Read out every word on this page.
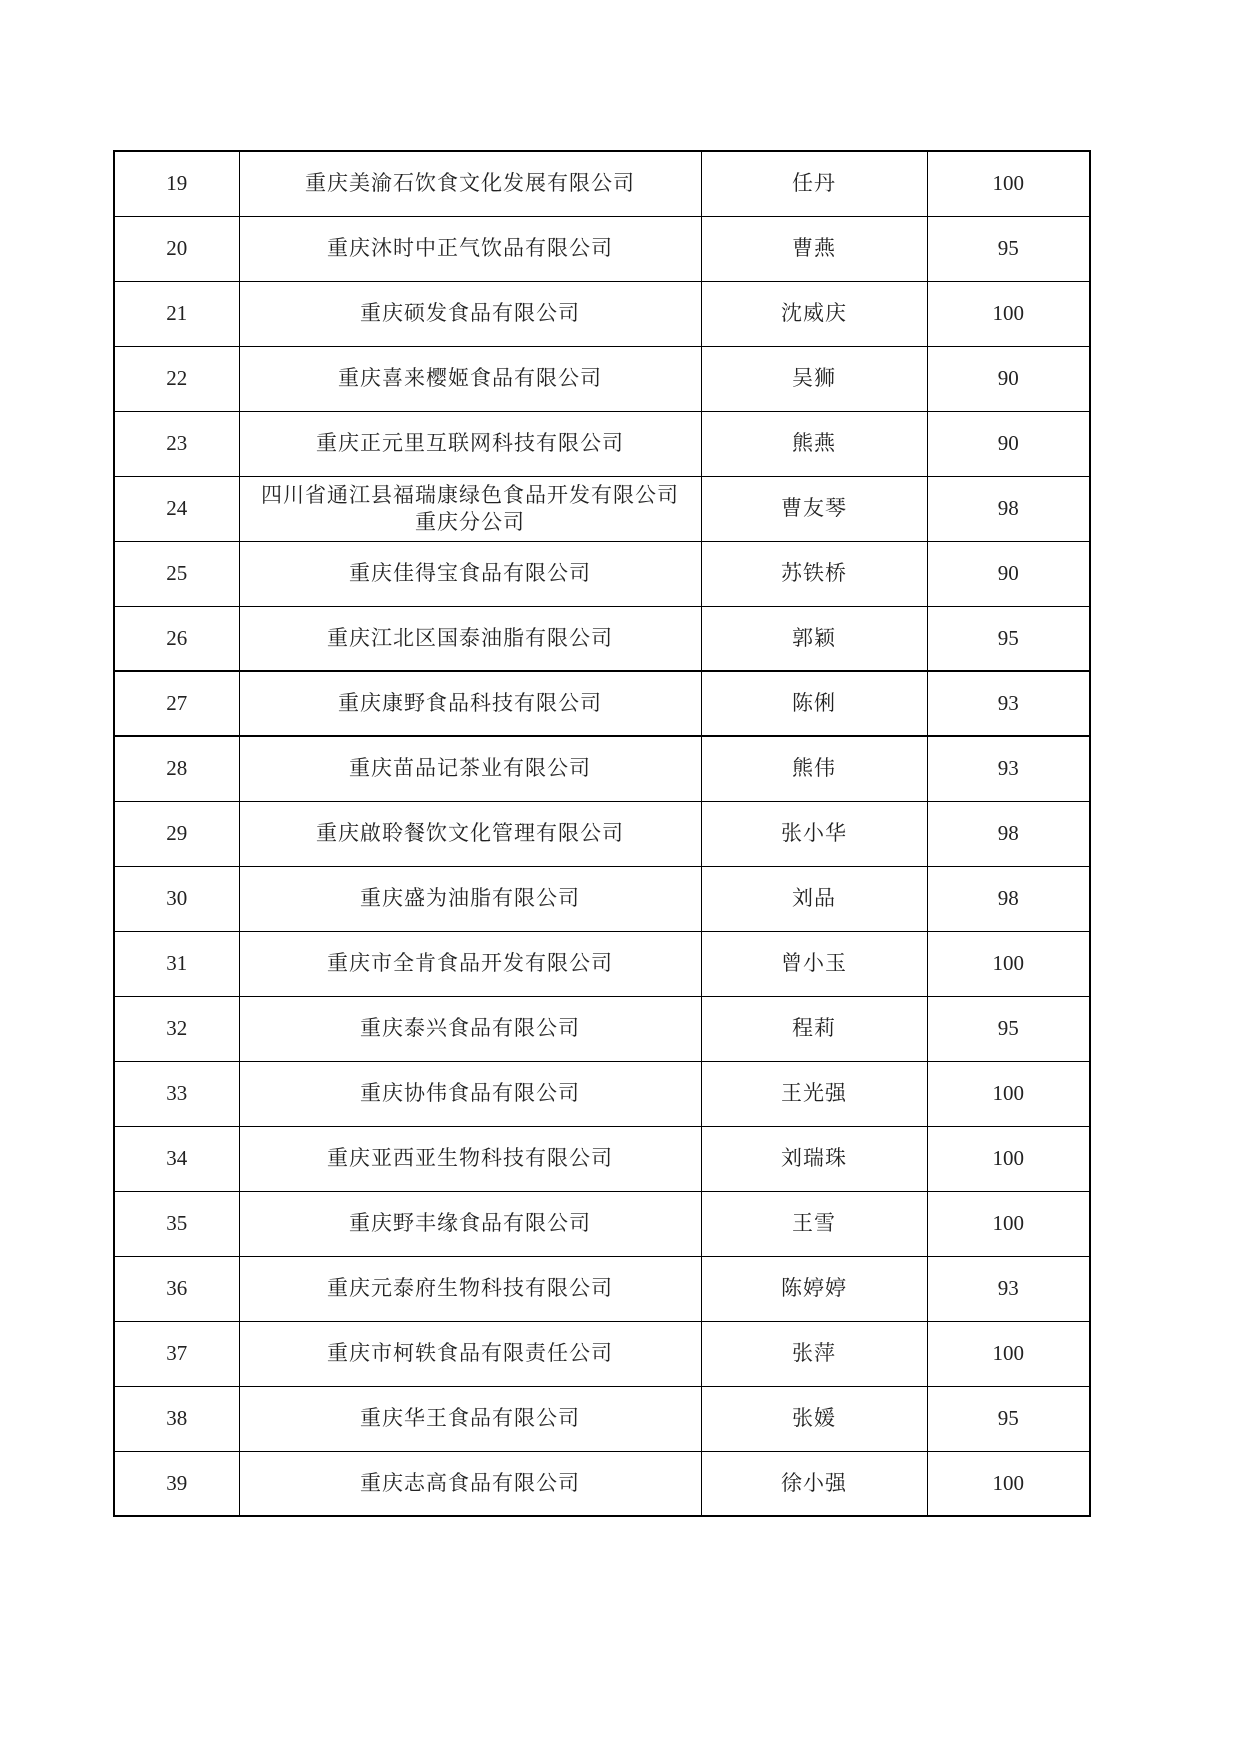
19	重庆美渝石饮食文化发展有限公司	任丹	100
20	重庆沐时中正气饮品有限公司	曹燕	95
21	重庆硕发食品有限公司	沈威庆	100
22	重庆喜来樱姬食品有限公司	吴狮	90
23	重庆正元里互联网科技有限公司	熊燕	90
24	四川省通江县福瑞康绿色食品开发有限公司
重庆分公司	曹友琴	98
25	重庆佳得宝食品有限公司	苏铁桥	90
26	重庆江北区国泰油脂有限公司	郭颖	95
27	重庆康野食品科技有限公司	陈俐	93
28	重庆苗品记茶业有限公司	熊伟	93
29	重庆啟聆餐饮文化管理有限公司	张小华	98
30	重庆盛为油脂有限公司	刘品	98
31	重庆市全肯食品开发有限公司	曾小玉	100
32	重庆泰兴食品有限公司	程莉	95
33	重庆协伟食品有限公司	王光强	100
34	重庆亚西亚生物科技有限公司	刘瑞珠	100
35	重庆野丰缘食品有限公司	王雪	100
36	重庆元泰府生物科技有限公司	陈婷婷	93
37	重庆市柯轶食品有限责任公司	张萍	100
38	重庆华王食品有限公司	张媛	95
39	重庆志高食品有限公司	徐小强	100
